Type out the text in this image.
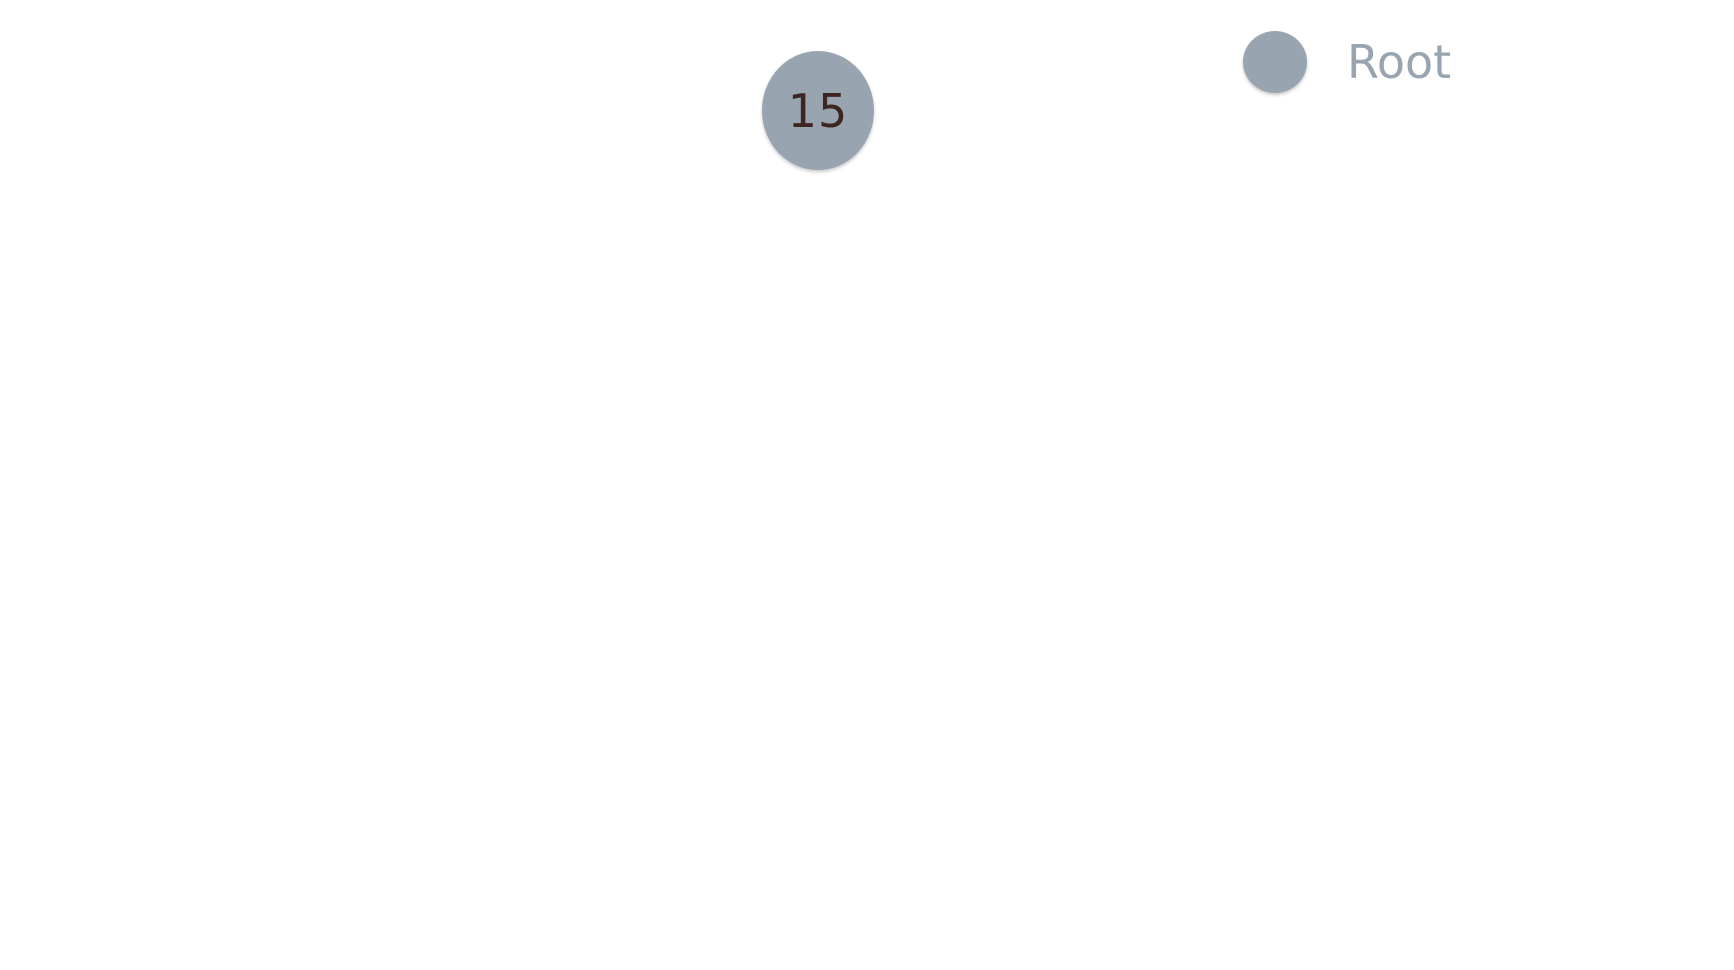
15
Root
